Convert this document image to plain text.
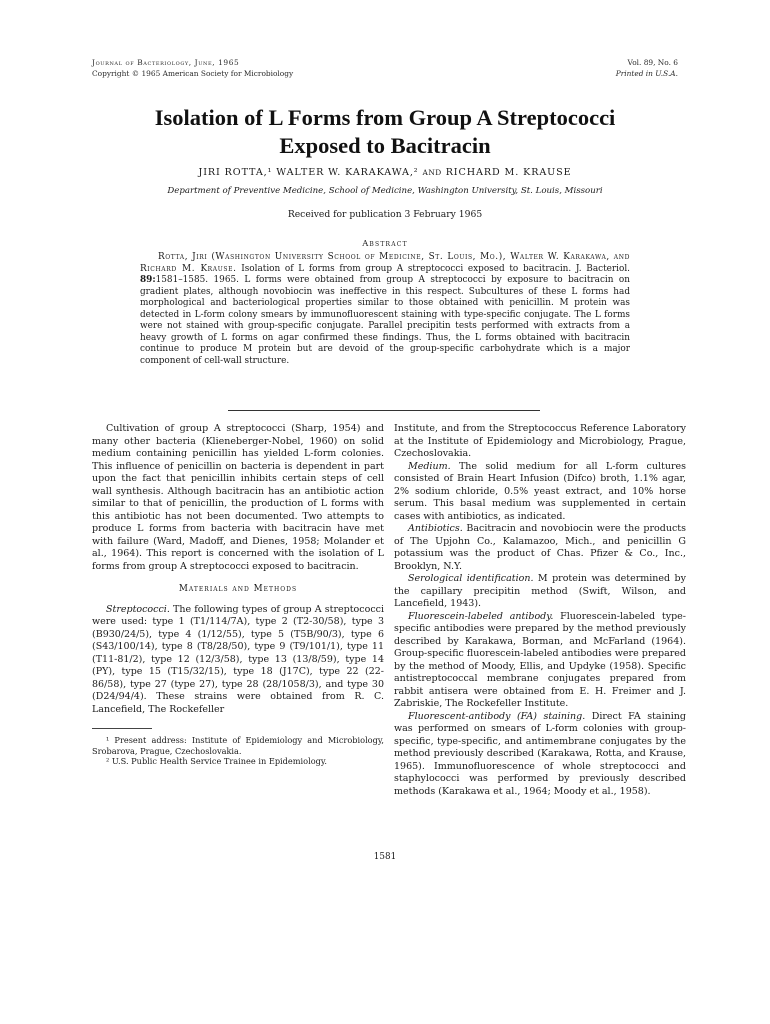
Journal of Bacteriology, June, 1965
Copyright © 1965 American Society for Microbiology
Vol. 89, No. 6
Printed in U.S.A.
Isolation of L Forms from Group A Streptococci
Exposed to Bacitracin
JIRI ROTTA,¹ WALTER W. KARAKAWA,² AND RICHARD M. KRAUSE
Department of Preventive Medicine, School of Medicine, Washington University, St. Louis, Missouri
Received for publication 3 February 1965
Abstract
Rotta, Jiri (Washington University School of Medicine, St. Louis, Mo.), Walter W. Karakawa, and Richard M. Krause. Isolation of L forms from group A streptococci exposed to bacitracin. J. Bacteriol. 89:1581–1585. 1965. L forms were obtained from group A streptococci by exposure to bacitracin on gradient plates, although novobiocin was ineffective in this respect. Subcultures of these L forms had morphological and bacteriological properties similar to those obtained with penicillin. M protein was detected in L-form colony smears by immunofluorescent staining with type-specific conjugate. The L forms were not stained with group-specific conjugate. Parallel precipitin tests performed with extracts from a heavy growth of L forms on agar confirmed these findings. Thus, the L forms obtained with bacitracin continue to produce M protein but are devoid of the group-specific carbohydrate which is a major component of cell-wall structure.

Cultivation of group A streptococci (Sharp, 1954) and many other bacteria (Klieneberger-Nobel, 1960) on solid medium containing penicillin has yielded L-form colonies. This influence of penicillin on bacteria is dependent in part upon the fact that penicillin inhibits certain steps of cell wall synthesis. Although bacitracin has an antibiotic action similar to that of penicillin, the production of L forms with this antibiotic has not been documented. Two attempts to produce L forms from bacteria with bacitracin have met with failure (Ward, Madoff, and Dienes, 1958; Molander et al., 1964). This report is concerned with the isolation of L forms from group A streptococci exposed to bacitracin.

Materials and Methods

Streptococci. The following types of group A streptococci were used: type 1 (T1/114/7A), type 2 (T2-30/58), type 3 (B930/24/5), type 4 (1/12/55), type 5 (T5B/90/3), type 6 (S43/100/14), type 8 (T8/28/50), type 9 (T9/101/1), type 11 (T11-81/2), type 12 (12/3/58), type 13 (13/8/59), type 14 (PY), type 15 (T15/32/15), type 18 (J17C), type 22 (22-86/58), type 27 (type 27), type 28 (28/1058/3), and type 30 (D24/94/4). These strains were obtained from R. C. Lancefield, The Rockefeller

¹ Present address: Institute of Epidemiology and Microbiology, Srobarova, Prague, Czechoslovakia.

² U.S. Public Health Service Trainee in Epidemiology.

Institute, and from the Streptococcus Reference Laboratory at the Institute of Epidemiology and Microbiology, Prague, Czechoslovakia.

Medium. The solid medium for all L-form cultures consisted of Brain Heart Infusion (Difco) broth, 1.1% agar, 2% sodium chloride, 0.5% yeast extract, and 10% horse serum. This basal medium was supplemented in certain cases with antibiotics, as indicated.

Antibiotics. Bacitracin and novobiocin were the products of The Upjohn Co., Kalamazoo, Mich., and penicillin G potassium was the product of Chas. Pfizer & Co., Inc., Brooklyn, N.Y.

Serological identification. M protein was determined by the capillary precipitin method (Swift, Wilson, and Lancefield, 1943).

Fluorescein-labeled antibody. Fluorescein-labeled type-specific antibodies were prepared by the method previously described by Karakawa, Borman, and McFarland (1964). Group-specific fluorescein-labeled antibodies were prepared by the method of Moody, Ellis, and Updyke (1958). Specific antistreptococcal membrane conjugates prepared from rabbit antisera were obtained from E. H. Freimer and J. Zabriskie, The Rockefeller Institute.

Fluorescent-antibody (FA) staining. Direct FA staining was performed on smears of L-form colonies with group-specific, type-specific, and antimembrane conjugates by the method previously described (Karakawa, Rotta, and Krause, 1965). Immunofluorescence of whole streptococci and staphylococci was performed by previously described methods (Karakawa et al., 1964; Moody et al., 1958).

1581
